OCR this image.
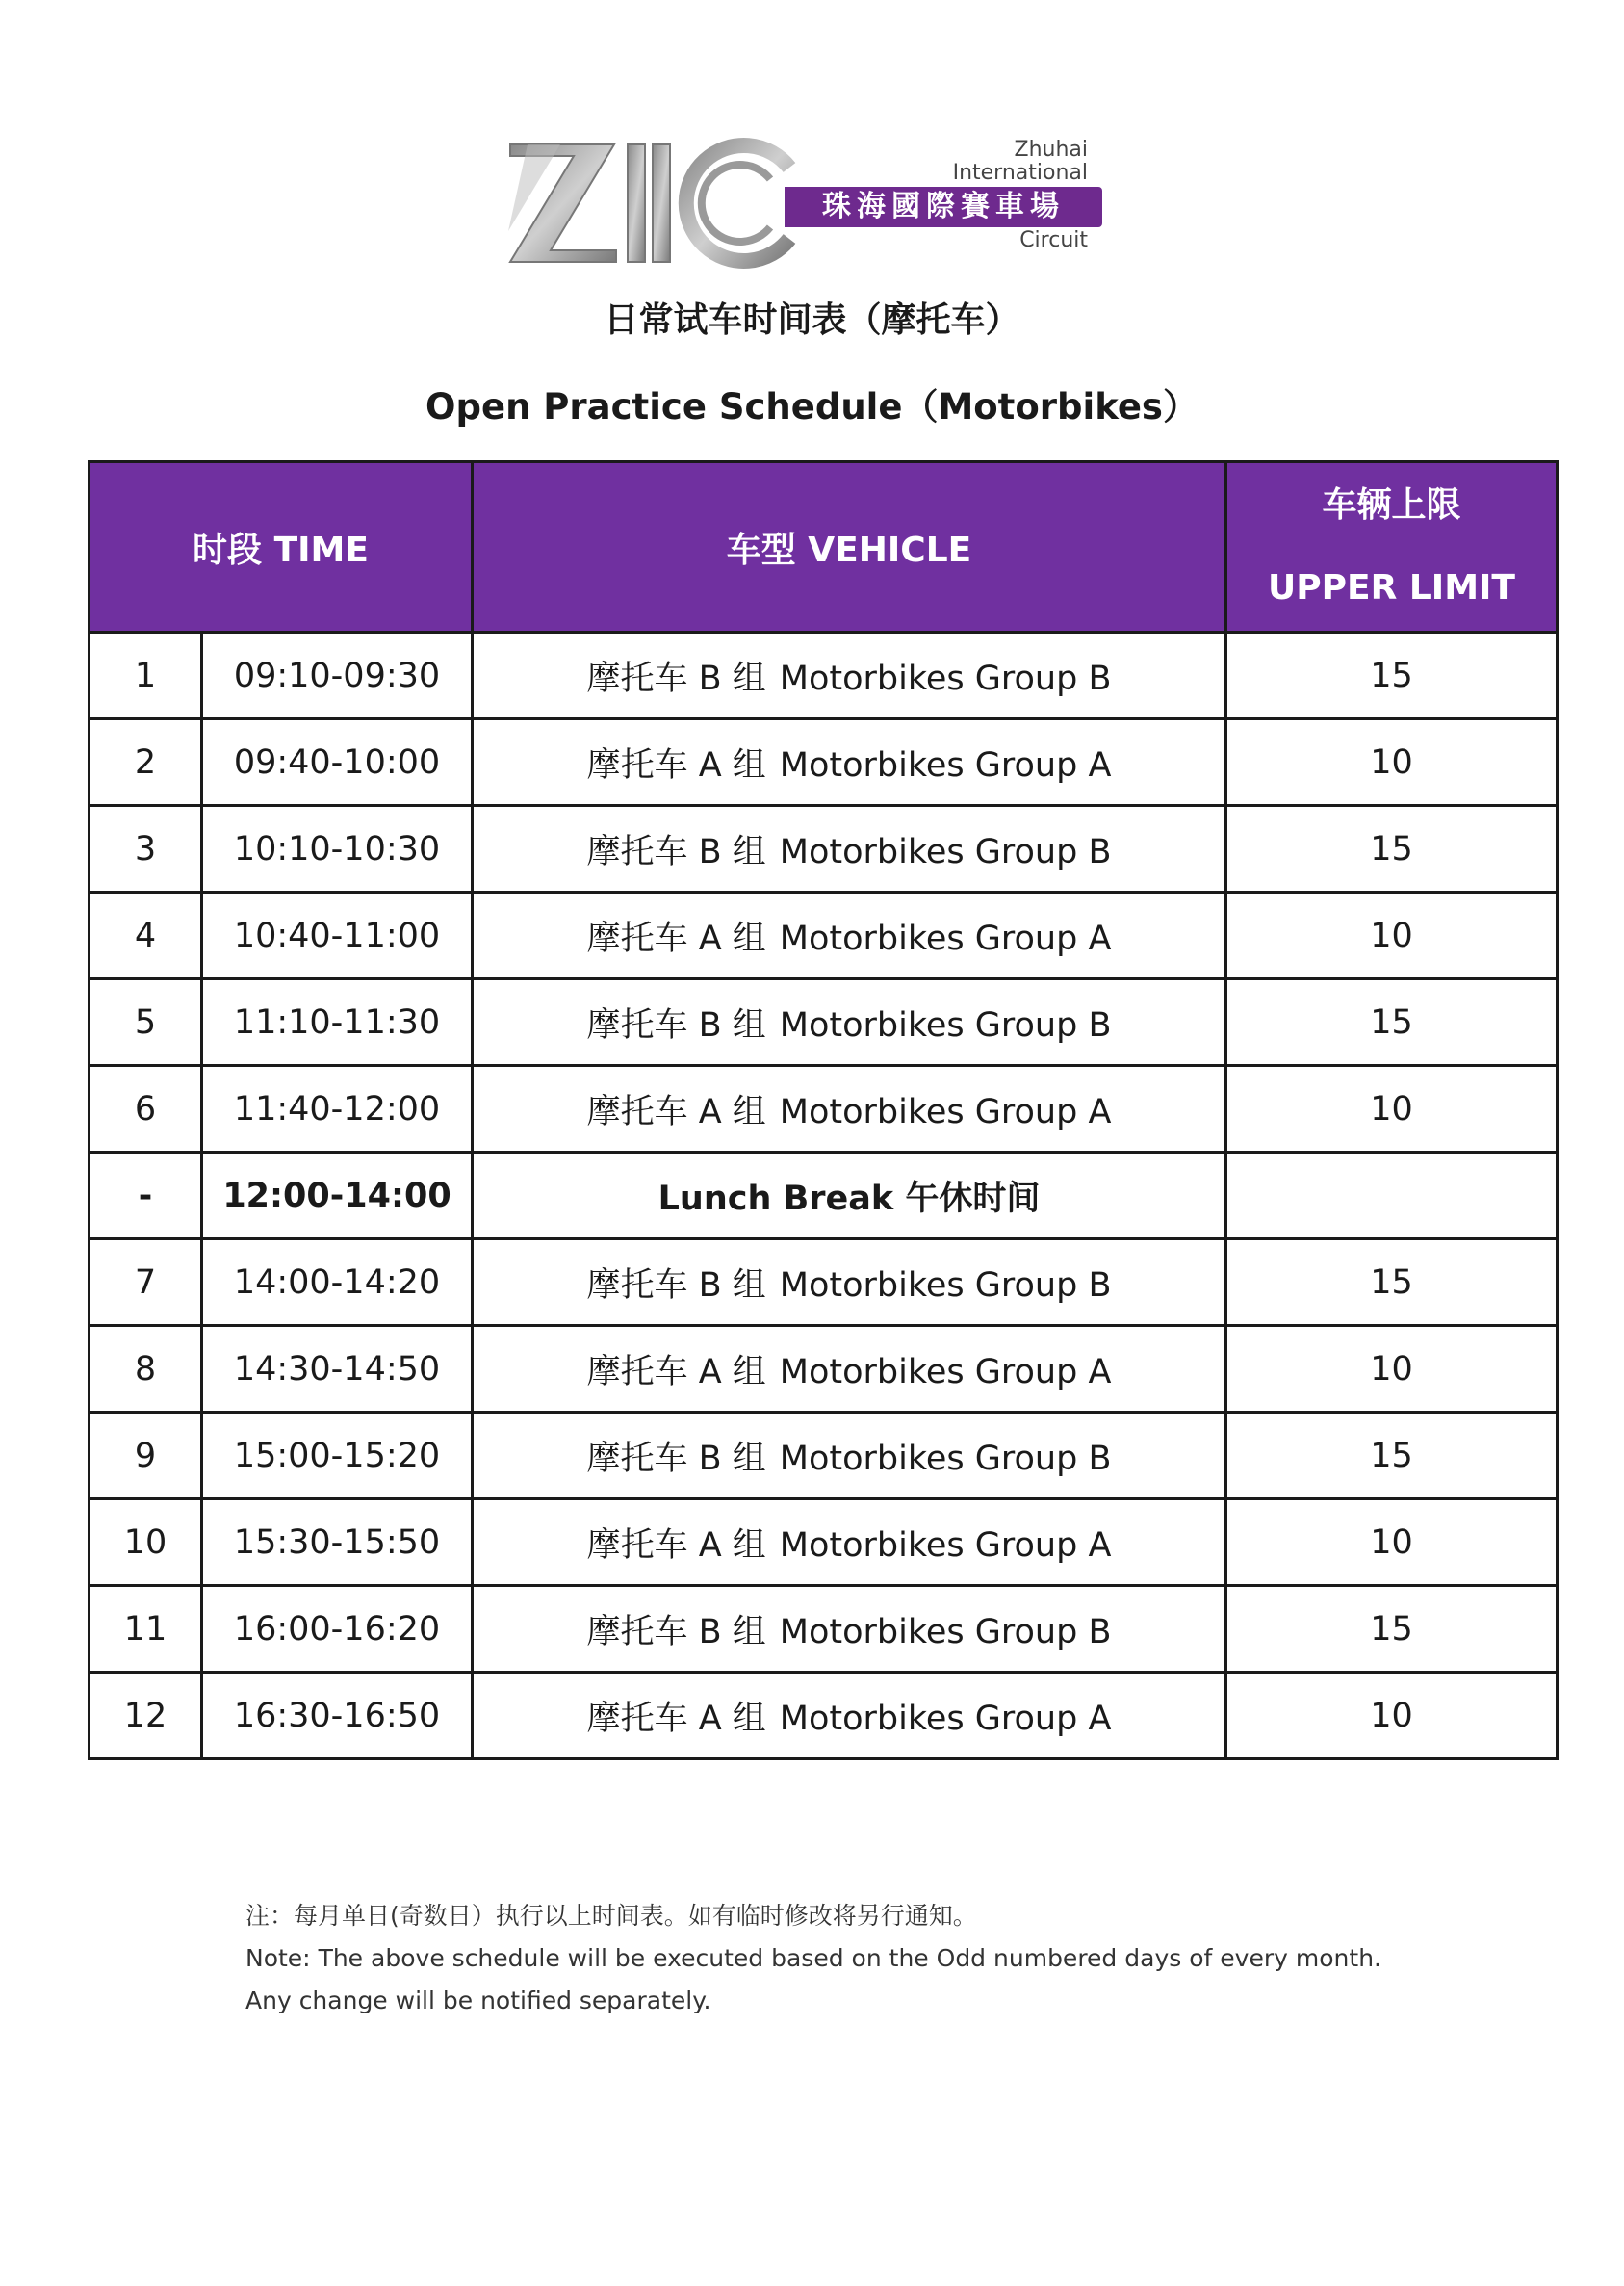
Zhuhai
International
珠海國際賽車場
Circuit
日常试车时间表（摩托车）
Open Practice Schedule（Motorbikes）
时段 TIME		车型 VEHICLE	车辆上限
UPPER LIMIT

1	09:10-09:30	摩托车 B 组 Motorbikes Group B	15
2	09:40-10:00	摩托车 A 组 Motorbikes Group A	10
3	10:10-10:30	摩托车 B 组 Motorbikes Group B	15
4	10:40-11:00	摩托车 A 组 Motorbikes Group A	10
5	11:10-11:30	摩托车 B 组 Motorbikes Group B	15
6	11:40-12:00	摩托车 A 组 Motorbikes Group A	10
-	12:00-14:00	Lunch Break 午休时间	
7	14:00-14:20	摩托车 B 组 Motorbikes Group B	15
8	14:30-14:50	摩托车 A 组 Motorbikes Group A	10
9	15:00-15:20	摩托车 B 组 Motorbikes Group B	15
10	15:30-15:50	摩托车 A 组 Motorbikes Group A	10
11	16:00-16:20	摩托车 B 组 Motorbikes Group B	15
12	16:30-16:50	摩托车 A 组 Motorbikes Group A	10
注：每月单日(奇数日）执行以上时间表。如有临时修改将另行通知。
Note: The above schedule will be executed based on the Odd numbered days of every month. Any change will be notified separately.
